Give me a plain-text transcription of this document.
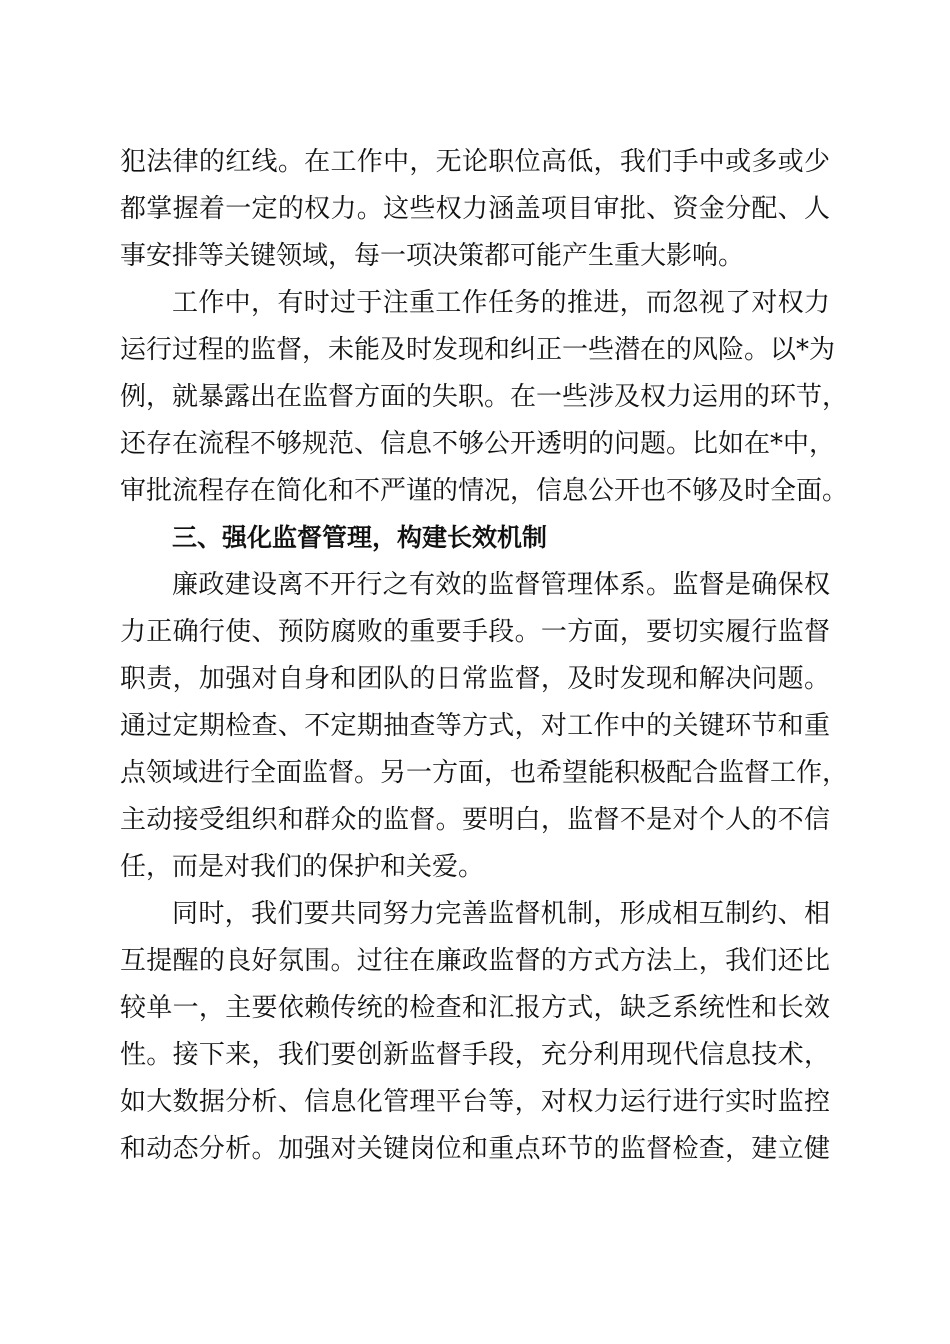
犯法律的红线。在工作中，无论职位高低，我们手中或多或少
都掌握着一定的权力。这些权力涵盖项目审批、资金分配、人
事安排等关键领域，每一项决策都可能产生重大影响。
工作中，有时过于注重工作任务的推进，而忽视了对权力
运行过程的监督，未能及时发现和纠正一些潜在的风险。以*为
例，就暴露出在监督方面的失职。在一些涉及权力运用的环节，
还存在流程不够规范、信息不够公开透明的问题。比如在*中，
审批流程存在简化和不严谨的情况，信息公开也不够及时全面。
三、强化监督管理，构建长效机制
廉政建设离不开行之有效的监督管理体系。监督是确保权
力正确行使、预防腐败的重要手段。一方面，要切实履行监督
职责，加强对自身和团队的日常监督，及时发现和解决问题。
通过定期检查、不定期抽查等方式，对工作中的关键环节和重
点领域进行全面监督。另一方面，也希望能积极配合监督工作，
主动接受组织和群众的监督。要明白，监督不是对个人的不信
任，而是对我们的保护和关爱。
同时，我们要共同努力完善监督机制，形成相互制约、相
互提醒的良好氛围。过往在廉政监督的方式方法上，我们还比
较单一，主要依赖传统的检查和汇报方式，缺乏系统性和长效
性。接下来，我们要创新监督手段，充分利用现代信息技术，
如大数据分析、信息化管理平台等，对权力运行进行实时监控
和动态分析。加强对关键岗位和重点环节的监督检查，建立健
